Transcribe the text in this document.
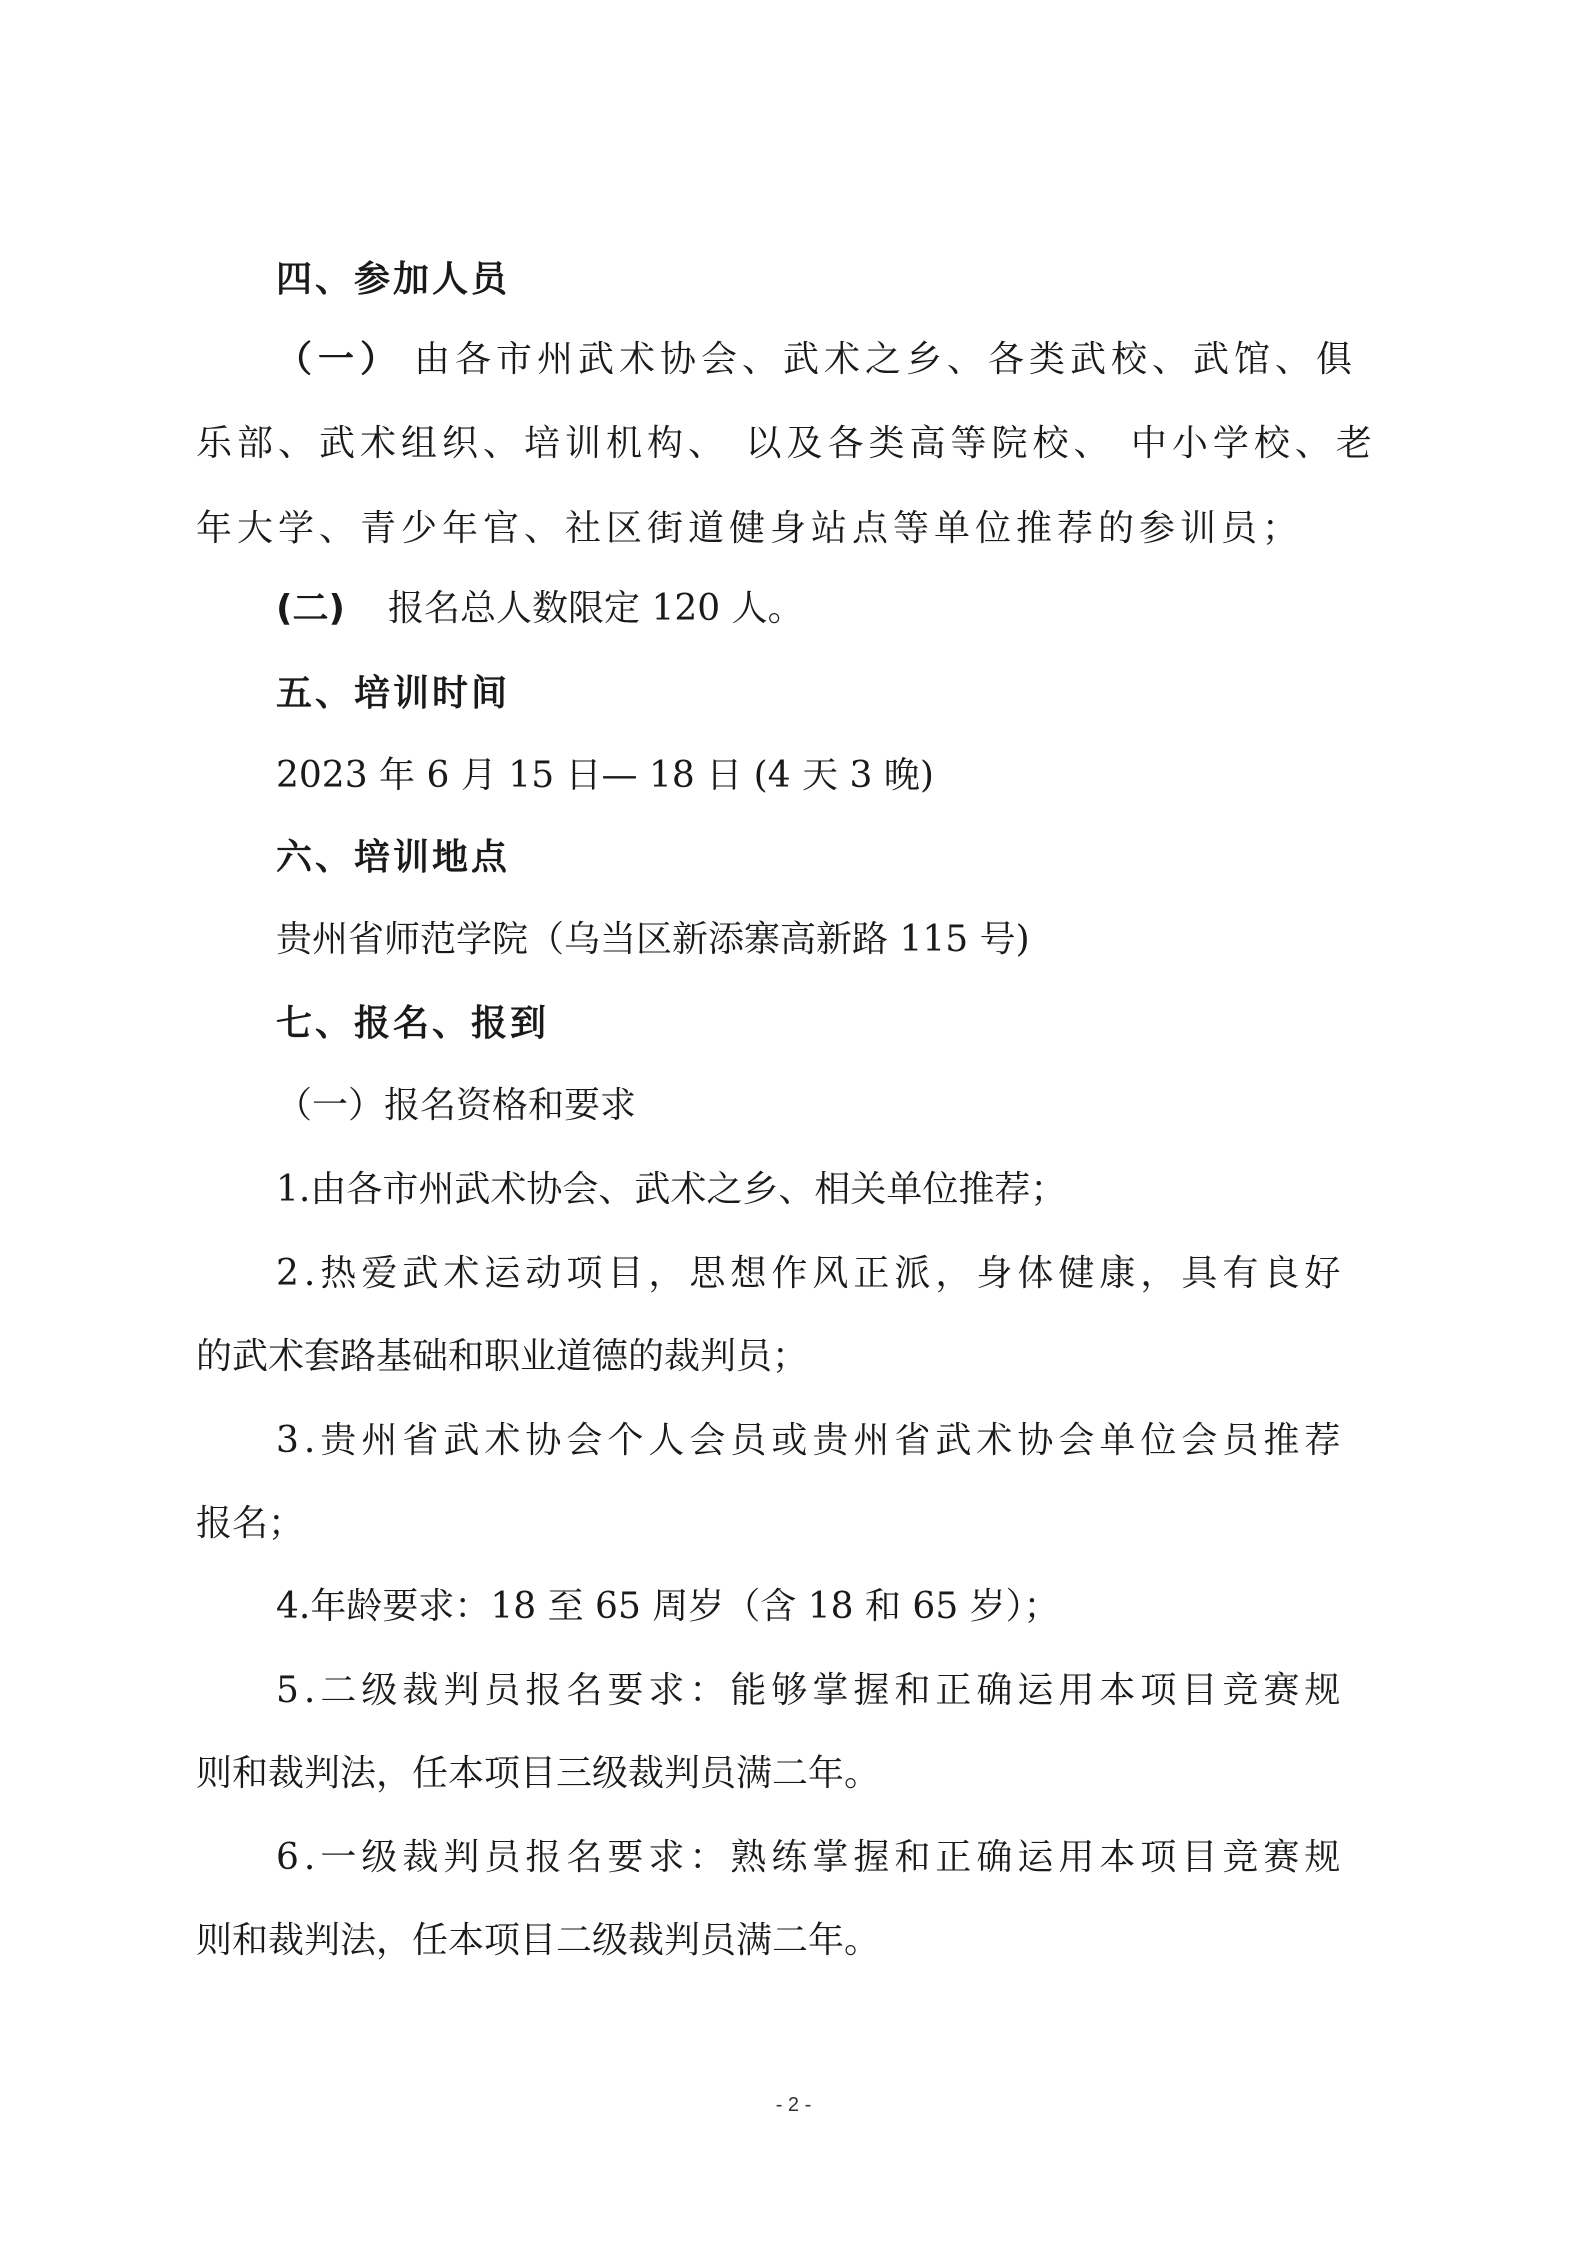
四、参加人员
（一） 由各市州武术协会、武术之乡、各类武校、武馆、俱
乐部、武术组织、培训机构、 以及各类高等院校、 中小学校、老
年大学、青少年官、社区街道健身站点等单位推荐的参训员；
(二)	报名总人数限定 120 人。
五、培训时间
2023 年 6 月 15 日— 18 日 (4 天 3 晚)
六、培训地点
贵州省师范学院（乌当区新添寨高新路 115 号)
七、报名、报到
（一）报名资格和要求
1.由各市州武术协会、武术之乡、相关单位推荐；
2.热爱武术运动项目，思想作风正派，身体健康，具有良好
的武术套路基础和职业道德的裁判员；
3.贵州省武术协会个人会员或贵州省武术协会单位会员推荐
报名；
4.年龄要求：18 至 65 周岁（含 18 和 65 岁）；
5.二级裁判员报名要求：能够掌握和正确运用本项目竞赛规
则和裁判法，任本项目三级裁判员满二年。
6.一级裁判员报名要求：熟练掌握和正确运用本项目竞赛规
则和裁判法，任本项目二级裁判员满二年。
- 2 -
